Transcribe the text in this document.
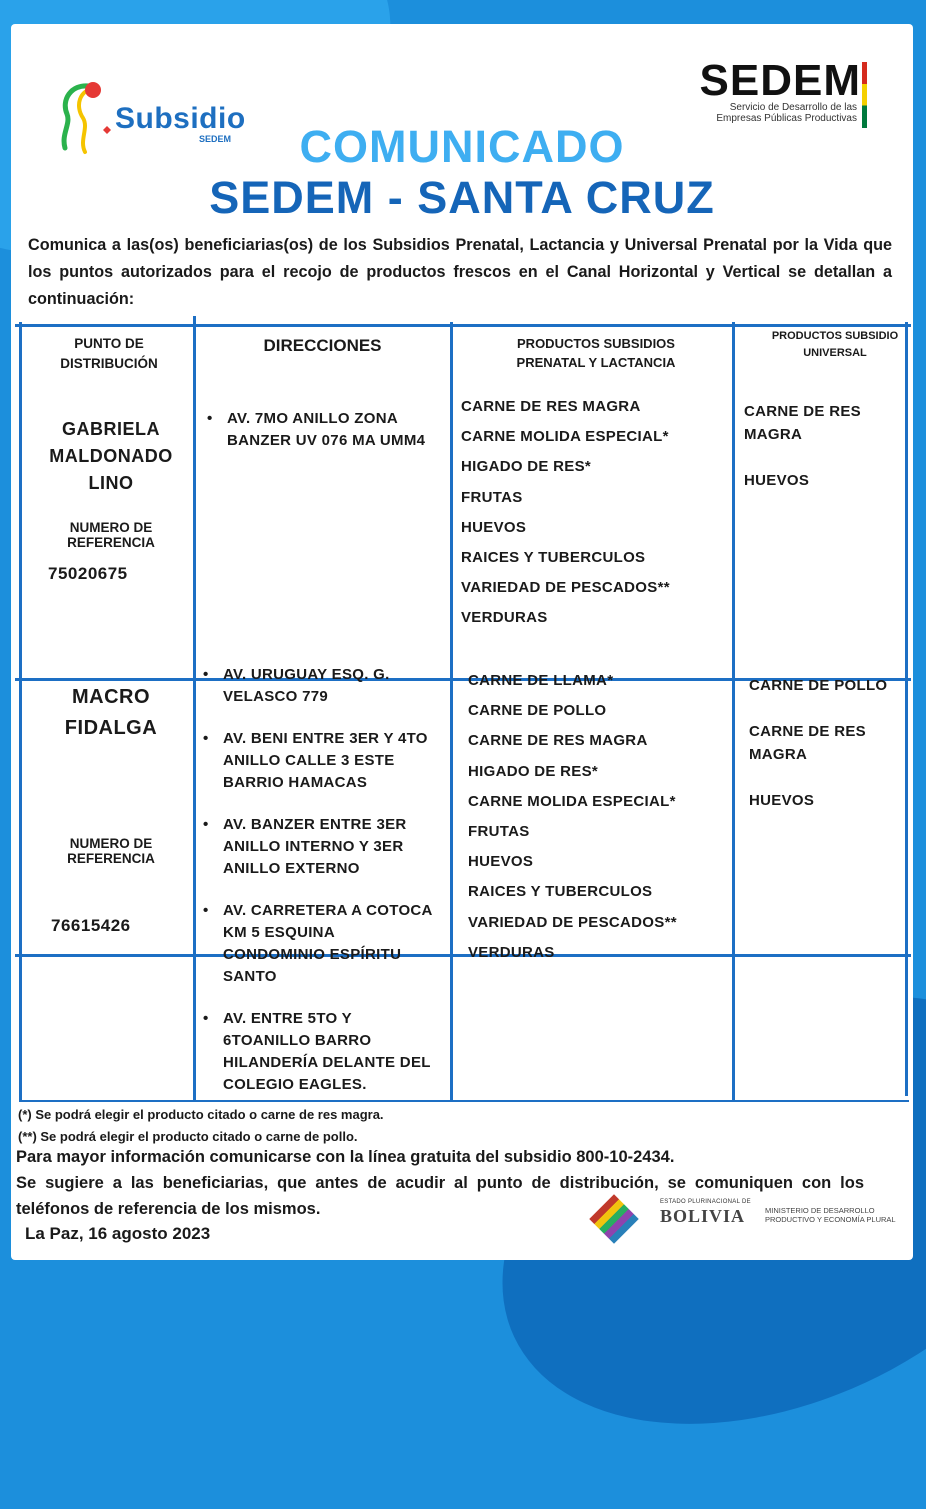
Subsidio
SEDEM
SEDEM
Servicio de Desarrollo de las Empresas Públicas Productivas
COMUNICADO
SEDEM - SANTA CRUZ
Comunica a las(os) beneficiarias(os) de los Subsidios Prenatal, Lactancia y Universal Prenatal por la Vida que los puntos autorizados para el recojo de productos frescos en el Canal Horizontal y Vertical se detallan a continuación:
PUNTO DE DISTRIBUCIÓN
DIRECCIONES	PRODUCTOS SUBSIDIOS PRENATAL Y LACTANCIA
PRODUCTOS SUBSIDIO UNIVERSAL
GABRIELA MALDONADO LINO
NUMERO DE REFERENCIA
75020675
• AV. 7MO ANILLO ZONA BANZER UV 076 MA UMM4
CARNE DE RES MAGRA
CARNE MOLIDA ESPECIAL*
HIGADO DE RES*
FRUTAS
HUEVOS
RAICES Y TUBERCULOS
VARIEDAD DE PESCADOS**
VERDURAS
CARNE DE RES MAGRA
HUEVOS
MACRO FIDALGA
NUMERO DE REFERENCIA
76615426
• AV. URUGUAY ESQ. G. VELASCO 779
• AV. BENI ENTRE 3ER Y 4TO ANILLO CALLE 3 ESTE BARRIO HAMACAS
• AV. BANZER ENTRE 3ER ANILLO INTERNO Y 3ER ANILLO EXTERNO
• AV. CARRETERA A COTOCA KM 5 ESQUINA CONDOMINIO ESPÍRITU SANTO
• AV. ENTRE 5TO Y 6TOANILLO BARRO HILANDERÍA DELANTE DEL COLEGIO EAGLES.
CARNE DE LLAMA*
CARNE DE POLLO
CARNE DE RES MAGRA
HIGADO DE RES*
CARNE MOLIDA ESPECIAL*
FRUTAS
HUEVOS
RAICES Y TUBERCULOS
VARIEDAD DE PESCADOS**
VERDURAS
CARNE DE POLLO
CARNE DE RES MAGRA
HUEVOS
(*) Se podrá elegir el producto citado o carne de res magra.
(**) Se podrá elegir el producto citado o carne de pollo.
Para mayor información comunicarse con la línea gratuita del subsidio 800-10-2434.
Se sugiere a las beneficiarias, que antes de acudir al punto de distribución, se comuniquen con los teléfonos de referencia de los mismos.
La Paz, 16 agosto 2023
ESTADO PLURINACIONAL DE
BOLIVIA	MINISTERIO DE DESARROLLO PRODUCTIVO Y ECONOMÍA PLURAL
